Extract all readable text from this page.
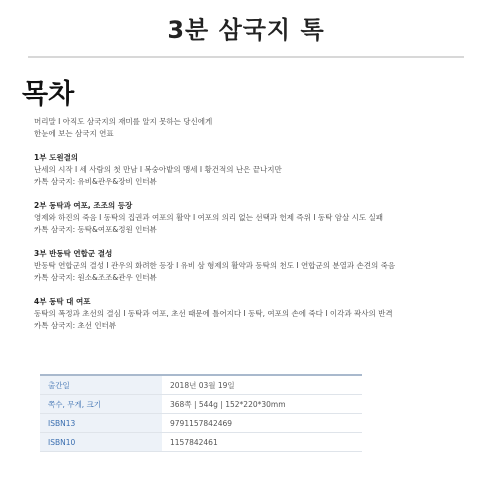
3분 삼국지 톡
목차

머리말 I 아직도 삼국지의 재미를 알지 못하는 당신에게

한눈에 보는 삼국지 연표

1부 도원결의

난세의 시작 I 세 사람의 첫 만남 I 복숭아밭의 맹세 I 황건적의 난은 끝나지만

카톡 삼국지: 유비&관우&장비 인터뷰

2부 동탁과 여포, 조조의 등장

영제와 하진의 죽음 I 동탁의 집권과 여포의 활약 I 여포의 의리 없는 선택과 헌제 즉위 I 동탁 암살 시도 실패

카톡 삼국지: 동탁&여포&정원 인터뷰

3부 반동탁 연합군 결성

반동탁 연합군의 결성 I 관우의 화려한 등장 I 유비 삼 형제의 활약과 동탁의 천도 I 연합군의 분열과 손견의 죽음

카톡 삼국지: 원소&조조&관우 인터뷰

4부 동탁 대 여포

동탁의 폭정과 초선의 결심 I 동탁과 여포, 초선 때문에 틀어지다 I 동탁, 여포의 손에 죽다 I 이각과 곽사의 반격

카톡 삼국지: 초선 인터뷰

출간일	2018년 03월 19일
쪽수, 무게, 크기	368쪽 | 544g | 152*220*30mm
ISBN13	9791157842469
ISBN10	1157842461
